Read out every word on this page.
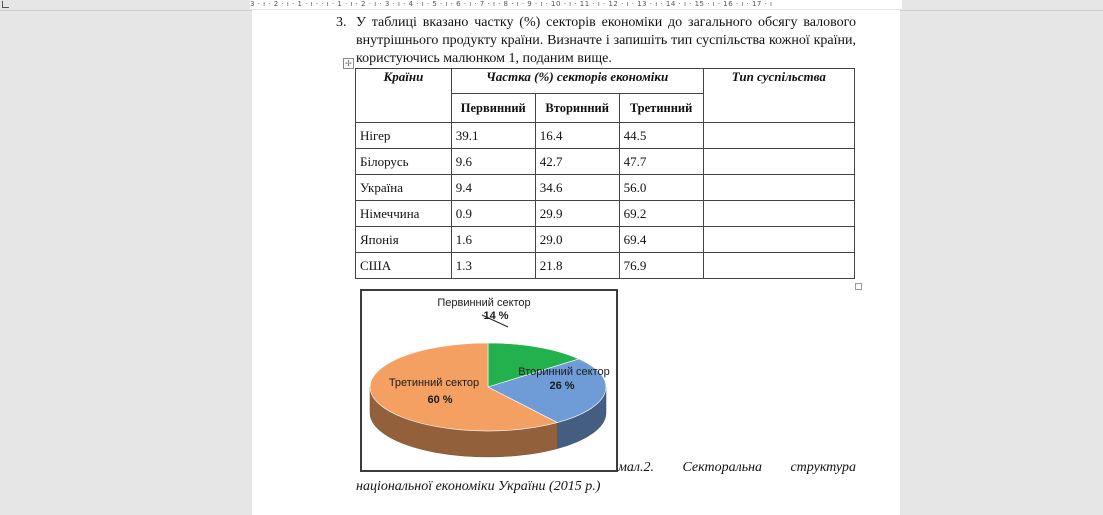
3 · ı · 2 · ı · 1 · ı · · ı · 1 · ı · 2 · ı · 3 · ı · 4 · ı · 5 · ı · 6 · ı · 7 · ı · 8 · ı · 9 · ı · 10 · ı · 11 · ı · 12 · ı · 13 · ı · 14 · ı · 15 · ı · 16 · ı · 17 · ı
3. У таблиці вказано частку (%) секторів економіки до загального обсягу валового внутрішнього продукту країни. Визначте і запишіть тип суспільства кожної країни, користуючись малюнком 1, поданим вище.
✢
Країни	Частка (%) секторів економіки			Тип суспільства
	Первинний	Вторинний	Третинний	
Нігер	39.1	16.4	44.5	
Білорусь	9.6	42.7	47.7	
Україна	9.4	34.6	56.0	
Німеччина	0.9	29.9	69.2	
Японія	1.6	29.0	69.4	
США	1.3	21.8	76.9	
Первинний сектор
14 %
Вторинний сектор
26 %
Третинний сектор
60 %
мал.2. Секторальна структура
національної економіки України (2015 р.)
